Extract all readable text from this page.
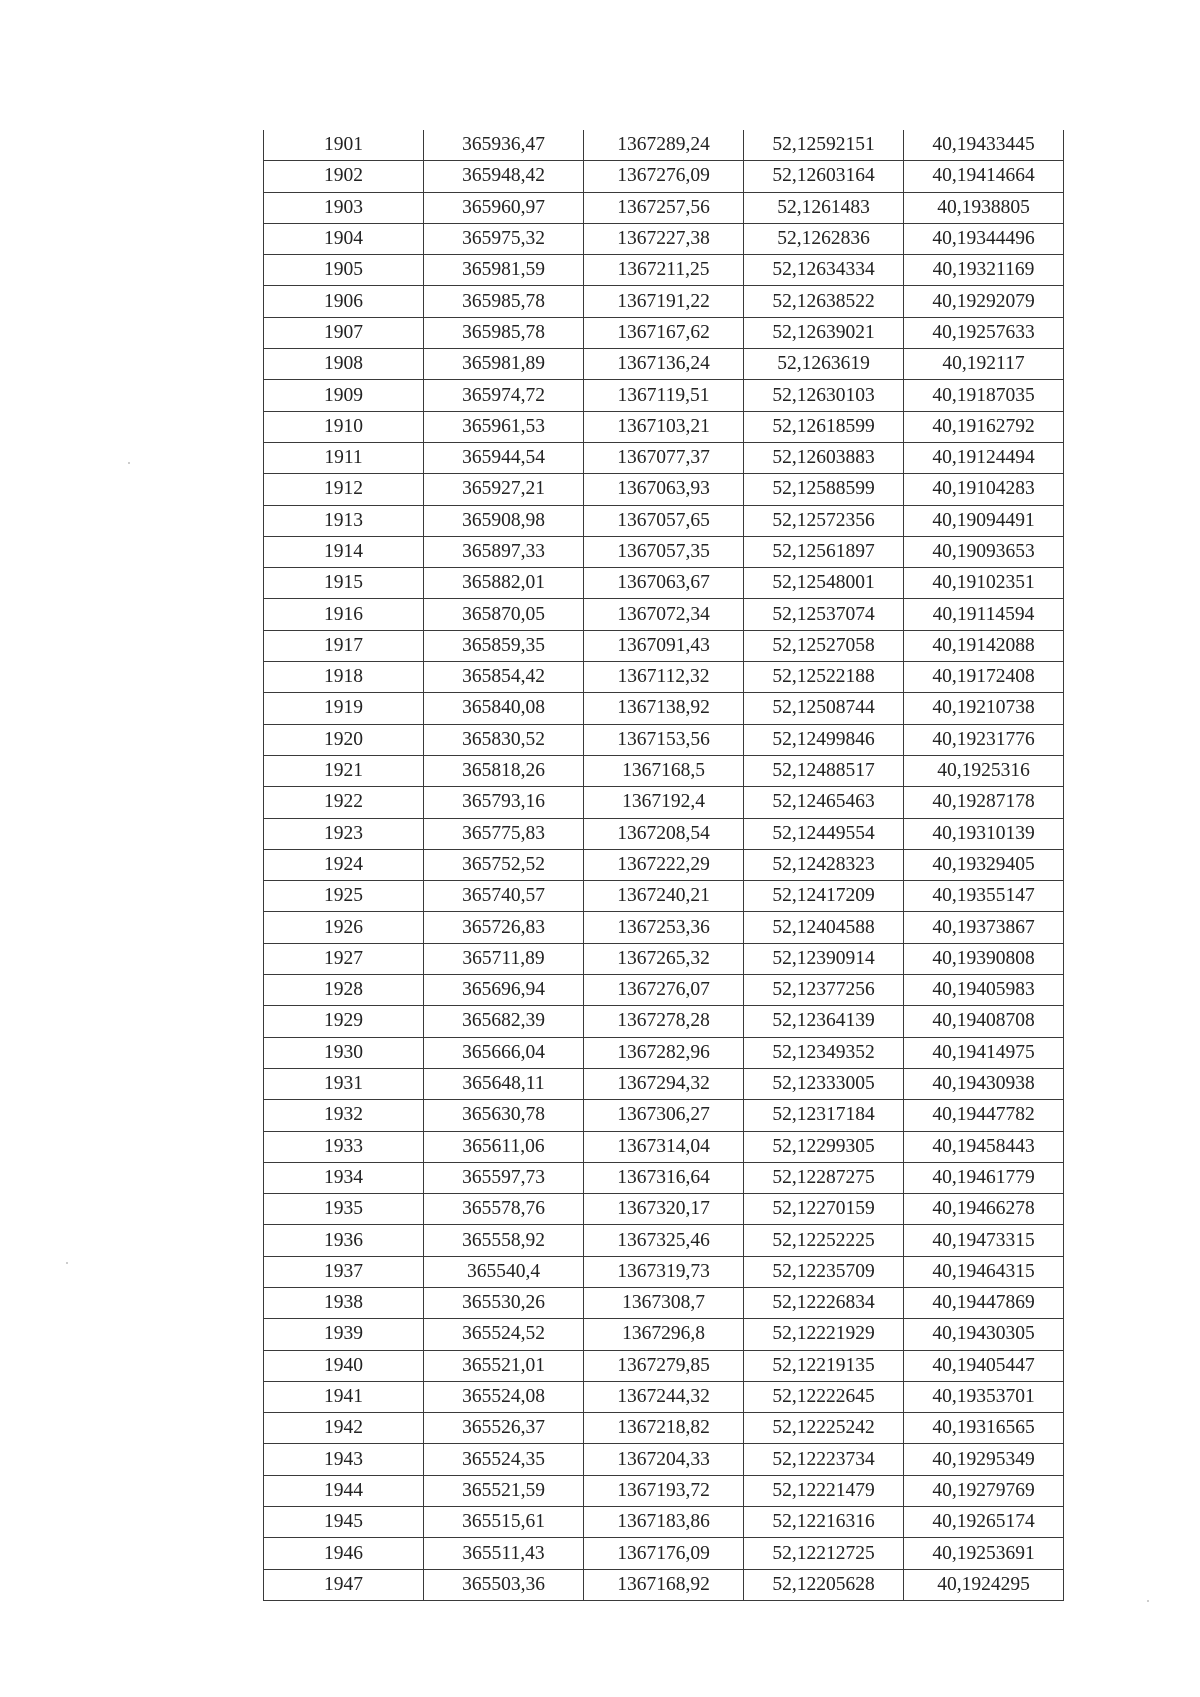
1901	365936,47	1367289,24	52,12592151	40,19433445
1902	365948,42	1367276,09	52,12603164	40,19414664
1903	365960,97	1367257,56	52,1261483	40,1938805
1904	365975,32	1367227,38	52,1262836	40,19344496
1905	365981,59	1367211,25	52,12634334	40,19321169
1906	365985,78	1367191,22	52,12638522	40,19292079
1907	365985,78	1367167,62	52,12639021	40,19257633
1908	365981,89	1367136,24	52,1263619	40,192117
1909	365974,72	1367119,51	52,12630103	40,19187035
1910	365961,53	1367103,21	52,12618599	40,19162792
1911	365944,54	1367077,37	52,12603883	40,19124494
1912	365927,21	1367063,93	52,12588599	40,19104283
1913	365908,98	1367057,65	52,12572356	40,19094491
1914	365897,33	1367057,35	52,12561897	40,19093653
1915	365882,01	1367063,67	52,12548001	40,19102351
1916	365870,05	1367072,34	52,12537074	40,19114594
1917	365859,35	1367091,43	52,12527058	40,19142088
1918	365854,42	1367112,32	52,12522188	40,19172408
1919	365840,08	1367138,92	52,12508744	40,19210738
1920	365830,52	1367153,56	52,12499846	40,19231776
1921	365818,26	1367168,5	52,12488517	40,1925316
1922	365793,16	1367192,4	52,12465463	40,19287178
1923	365775,83	1367208,54	52,12449554	40,19310139
1924	365752,52	1367222,29	52,12428323	40,19329405
1925	365740,57	1367240,21	52,12417209	40,19355147
1926	365726,83	1367253,36	52,12404588	40,19373867
1927	365711,89	1367265,32	52,12390914	40,19390808
1928	365696,94	1367276,07	52,12377256	40,19405983
1929	365682,39	1367278,28	52,12364139	40,19408708
1930	365666,04	1367282,96	52,12349352	40,19414975
1931	365648,11	1367294,32	52,12333005	40,19430938
1932	365630,78	1367306,27	52,12317184	40,19447782
1933	365611,06	1367314,04	52,12299305	40,19458443
1934	365597,73	1367316,64	52,12287275	40,19461779
1935	365578,76	1367320,17	52,12270159	40,19466278
1936	365558,92	1367325,46	52,12252225	40,19473315
1937	365540,4	1367319,73	52,12235709	40,19464315
1938	365530,26	1367308,7	52,12226834	40,19447869
1939	365524,52	1367296,8	52,12221929	40,19430305
1940	365521,01	1367279,85	52,12219135	40,19405447
1941	365524,08	1367244,32	52,12222645	40,19353701
1942	365526,37	1367218,82	52,12225242	40,19316565
1943	365524,35	1367204,33	52,12223734	40,19295349
1944	365521,59	1367193,72	52,12221479	40,19279769
1945	365515,61	1367183,86	52,12216316	40,19265174
1946	365511,43	1367176,09	52,12212725	40,19253691
1947	365503,36	1367168,92	52,12205628	40,1924295
